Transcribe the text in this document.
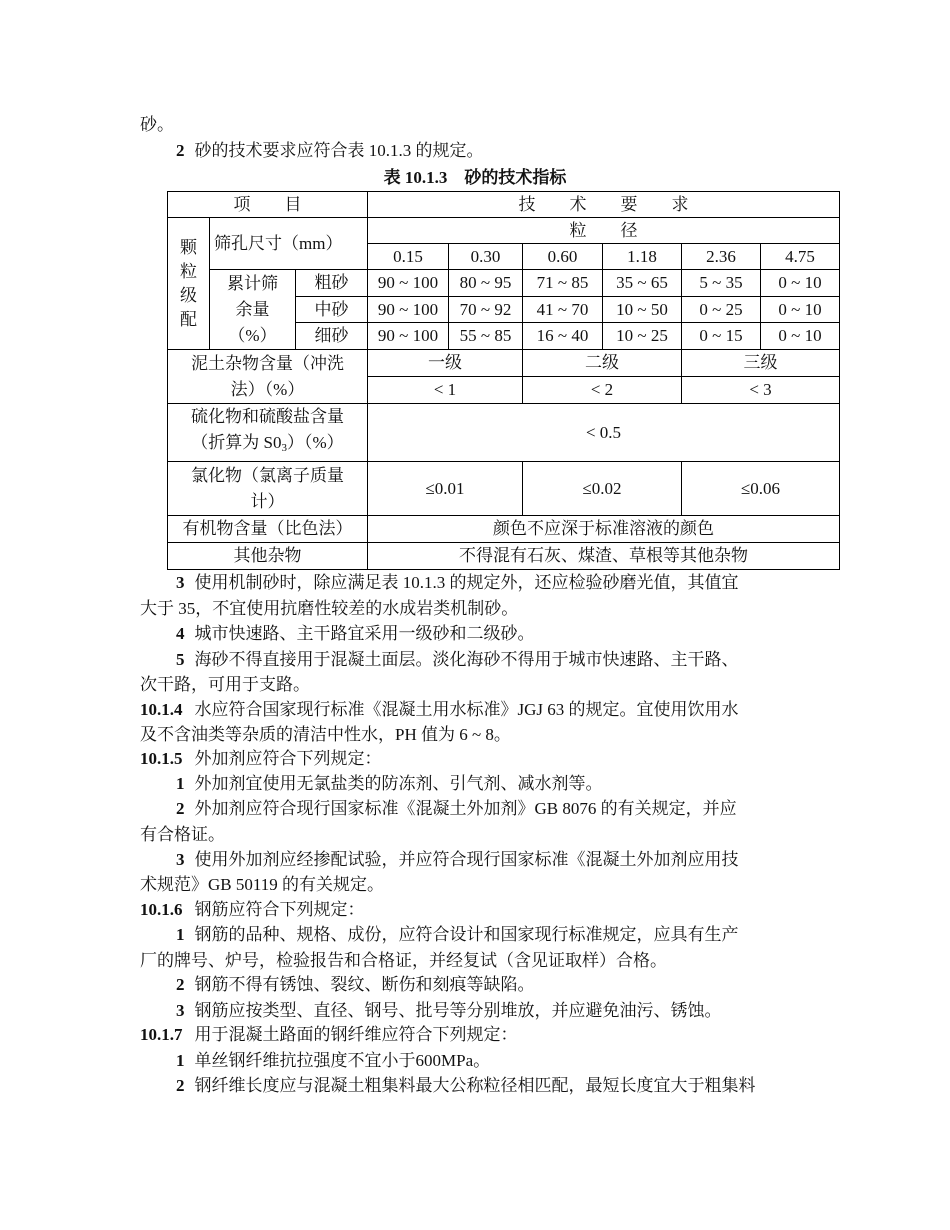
砂。
2 砂的技术要求应符合表 10.1.3 的规定。
表 10.1.3　砂的技术指标
项　　目			技　　术　　要　　求					
颗粒级配	筛孔尺寸（mm）		粒　　径					
			0.15	0.30	0.60	1.18	2.36	4.75

	累计筛
余量
（%）	粗砂	90 ~ 100	80 ~ 95	71 ~ 85	35 ~ 65	5 ~ 35	0 ~ 10
		中砂	90 ~ 100	70 ~ 92	41 ~ 70	10 ~ 50	0 ~ 25	0 ~ 10
		细砂	90 ~ 100	55 ~ 85	16 ~ 40	10 ~ 25	0 ~ 15	0 ~ 10

泥土杂物含量（冲洗
法）（%）			一级		二级		三级	
			< 1		< 2		< 3	

硫化物和硫酸盐含量
（折算为 $S0_3)(\%)$			< 0.5					

氯化物（氯离子质量
计）			≤0.01		≤0.02		≤0.06	
有机物含量（比色法）			颜色不应深于标准溶液的颜色					
其他杂物			不得混有石灰、煤渣、草根等其他杂物					
3 使用机制砂时，除应满足表 10.1.3 的规定外，还应检验砂磨光值，其值宜
大于 35，不宜使用抗磨性较差的水成岩类机制砂。
4 城市快速路、主干路宜采用一级砂和二级砂。
5 海砂不得直接用于混凝土面层。淡化海砂不得用于城市快速路、主干路、
次干路，可用于支路。
10.1.4 水应符合国家现行标准《混凝土用水标准》JGJ 63 的规定。宜使用饮用水
及不含油类等杂质的清洁中性水，PH 值为 6 ~ 8。
10.1.5 外加剂应符合下列规定：
1 外加剂宜使用无氯盐类的防冻剂、引气剂、减水剂等。
2 外加剂应符合现行国家标准《混凝土外加剂》GB 8076 的有关规定，并应
有合格证。
3 使用外加剂应经掺配试验，并应符合现行国家标准《混凝土外加剂应用技
术规范》GB 50119 的有关规定。
10.1.6 钢筋应符合下列规定：
1 钢筋的品种、规格、成份，应符合设计和国家现行标准规定，应具有生产
厂的牌号、炉号，检验报告和合格证，并经复试（含见证取样）合格。
2 钢筋不得有锈蚀、裂纹、断伤和刻痕等缺陷。
3 钢筋应按类型、直径、钢号、批号等分别堆放，并应避免油污、锈蚀。
10.1.7 用于混凝土路面的钢纤维应符合下列规定：
1 单丝钢纤维抗拉强度不宜小于600MPa。
2 钢纤维长度应与混凝土粗集料最大公称粒径相匹配，最短长度宜大于粗集料
